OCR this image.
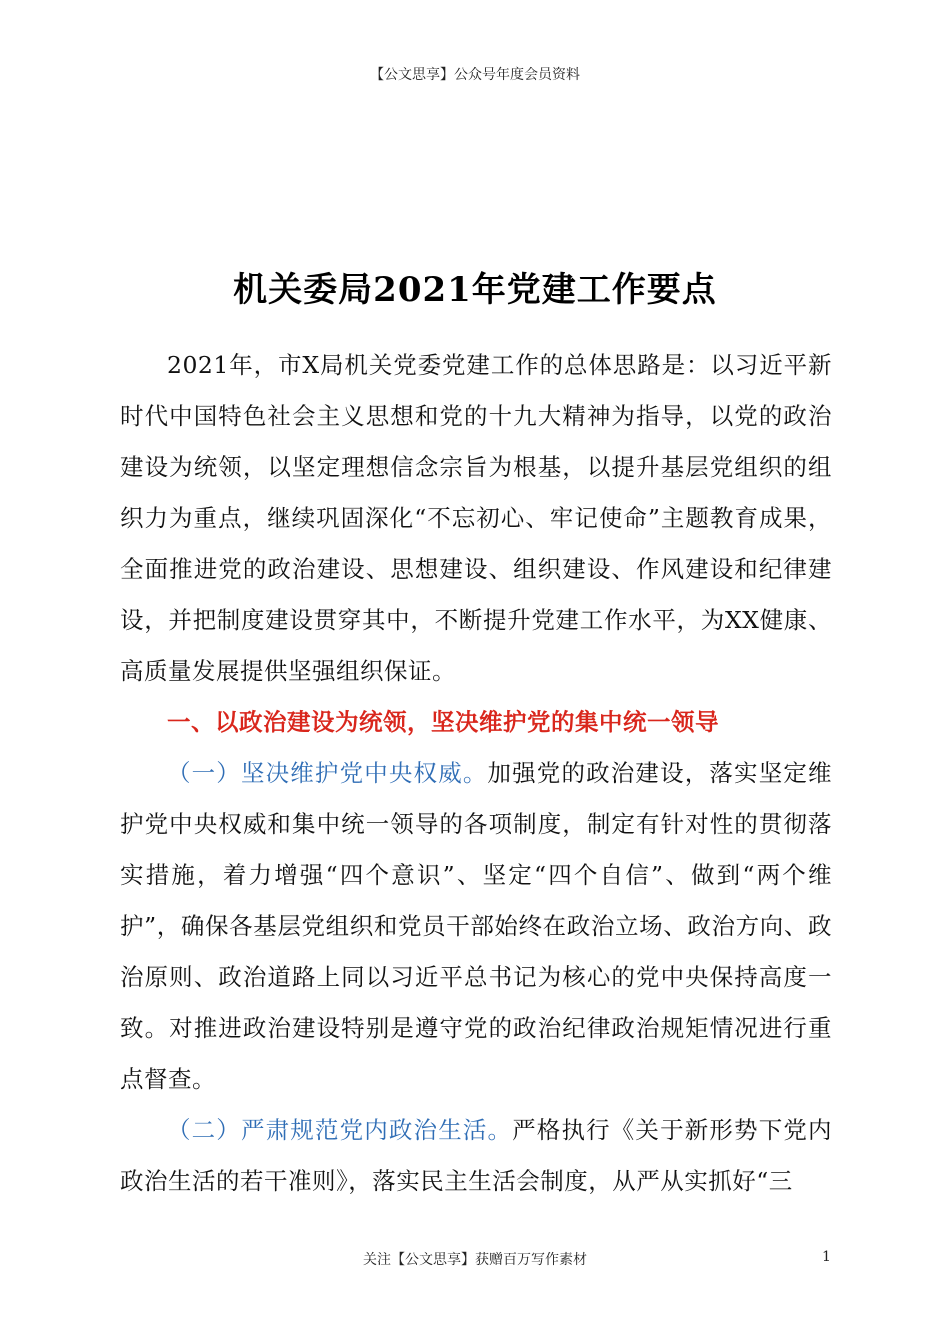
【公文思享】公众号年度会员资料
机关委局2021年党建工作要点

2021年，市X局机关党委党建工作的总体思路是：以习近平新时代中国特色社会主义思想和党的十九大精神为指导，以党的政治建设为统领，以坚定理想信念宗旨为根基，以提升基层党组织的组织力为重点，继续巩固深化“不忘初心、牢记使命”主题教育成果，全面推进党的政治建设、思想建设、组织建设、作风建设和纪律建设，并把制度建设贯穿其中，不断提升党建工作水平，为XX健康、高质量发展提供坚强组织保证。

一、以政治建设为统领，坚决维护党的集中统一领导

（一）坚决维护党中央权威。加强党的政治建设，落实坚定维护党中央权威和集中统一领导的各项制度，制定有针对性的贯彻落实措施，着力增强“四个意识”、坚定“四个自信”、做到“两个维护”，确保各基层党组织和党员干部始终在政治立场、政治方向、政治原则、政治道路上同以习近平总书记为核心的党中央保持高度一致。对推进政治建设特别是遵守党的政治纪律政治规矩情况进行重点督查。

（二）严肃规范党内政治生活。严格执行《关于新形势下党内政治生活的若干准则》，落实民主生活会制度，从严从实抓好“三

关注【公文思享】获赠百万写作素材	1
